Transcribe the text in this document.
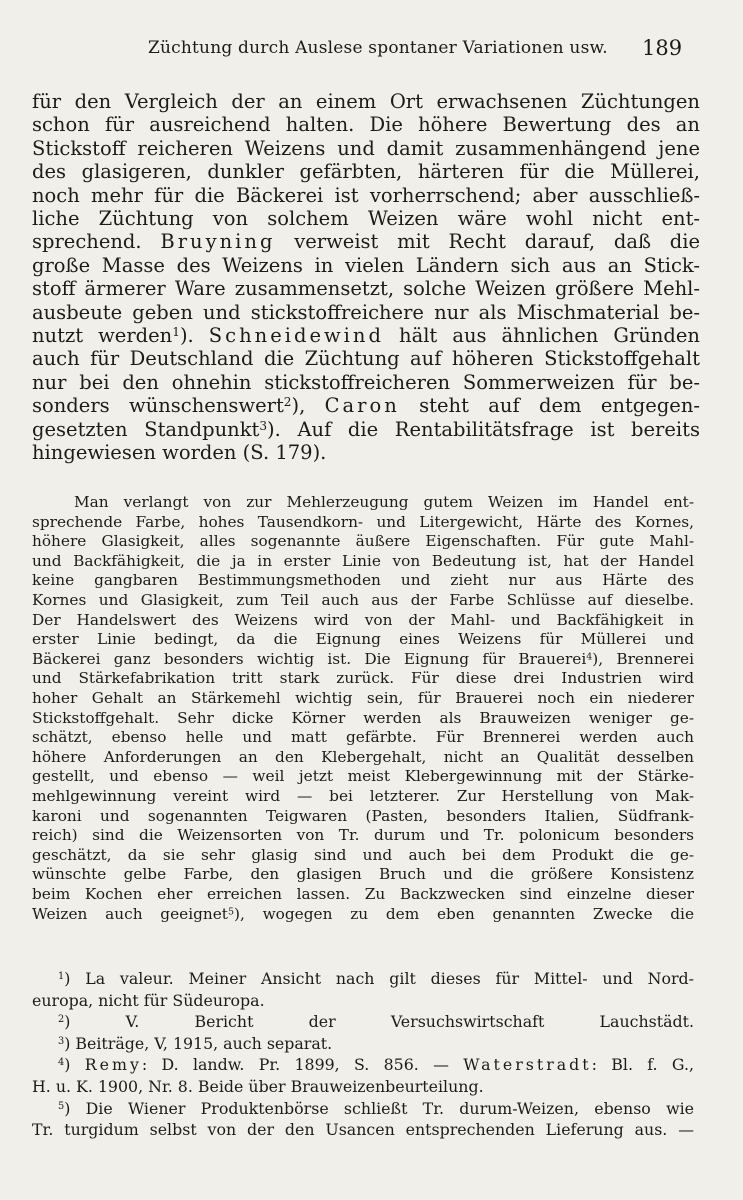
Züchtung durch Auslese spontaner Variationen usw. 189
für den Vergleich der an einem Ort erwachsenen Züchtungen
schon für ausreichend halten. Die höhere Bewertung des an
Stickstoff reicheren Weizens und damit zusammenhängend jene
des glasigeren, dunkler gefärbten, härteren für die Müllerei,
noch mehr für die Bäckerei ist vorherrschend; aber ausschließ-
liche Züchtung von solchem Weizen wäre wohl nicht ent-
sprechend. Bruyning verweist mit Recht darauf, daß die
große Masse des Weizens in vielen Ländern sich aus an Stick-
stoff ärmerer Ware zusammensetzt, solche Weizen größere Mehl-
ausbeute geben und stickstoffreichere nur als Mischmaterial be-
nutzt werden$^1$). Schneidewind hält aus ähnlichen Gründen
auch für Deutschland die Züchtung auf höheren Stickstoffgehalt
nur bei den ohnehin stickstoffreicheren Sommerweizen für be-
sonders wünschenswert$^2$), Caron steht auf dem entgegen-
gesetzten Standpunkt$^3$). Auf die Rentabilitätsfrage ist bereits
hingewiesen worden (S. 179).
Man verlangt von zur Mehlerzeugung gutem Weizen im Handel ent-
sprechende Farbe, hohes Tausendkorn- und Litergewicht, Härte des Kornes,
höhere Glasigkeit, alles sogenannte äußere Eigenschaften. Für gute Mahl-
und Backfähigkeit, die ja in erster Linie von Bedeutung ist, hat der Handel
keine gangbaren Bestimmungsmethoden und zieht nur aus Härte des
Kornes und Glasigkeit, zum Teil auch aus der Farbe Schlüsse auf dieselbe.
Der Handelswert des Weizens wird von der Mahl- und Backfähigkeit in
erster Linie bedingt, da die Eignung eines Weizens für Müllerei und
Bäckerei ganz besonders wichtig ist. Die Eignung für Brauerei$^4$), Brennerei
und Stärkefabrikation tritt stark zurück. Für diese drei Industrien wird
hoher Gehalt an Stärkemehl wichtig sein, für Brauerei noch ein niederer
Stickstoffgehalt. Sehr dicke Körner werden als Brauweizen weniger ge-
schätzt, ebenso helle und matt gefärbte. Für Brennerei werden auch
höhere Anforderungen an den Klebergehalt, nicht an Qualität desselben
gestellt, und ebenso — weil jetzt meist Klebergewinnung mit der Stärke-
mehlgewinnung vereint wird — bei letzterer. Zur Herstellung von Mak-
karoni und sogenannten Teigwaren (Pasten, besonders Italien, Südfrank-
reich) sind die Weizensorten von Tr. durum und Tr. polonicum besonders
geschätzt, da sie sehr glasig sind und auch bei dem Produkt die ge-
wünschte gelbe Farbe, den glasigen Bruch und die größere Konsistenz
beim Kochen eher erreichen lassen. Zu Backzwecken sind einzelne dieser
Weizen auch geeignet$^5$), wogegen zu dem eben genannten Zwecke die
$^1$) La valeur. Meiner Ansicht nach gilt dieses für Mittel- und Nord-
europa, nicht für Südeuropa.
$^2$) V. Bericht der Versuchswirtschaft Lauchstädt.
$^3$) Beiträge, V, 1915, auch separat.
$^4$) Remy: D. landw. Pr. 1899, S. 856. — Waterstradt: Bl. f. G.,
H. u. K. 1900, Nr. 8. Beide über Brauweizenbeurteilung.
$^5$) Die Wiener Produktenbörse schließt Tr. durum-Weizen, ebenso wie
Tr. turgidum selbst von der den Usancen entsprechenden Lieferung aus. —
